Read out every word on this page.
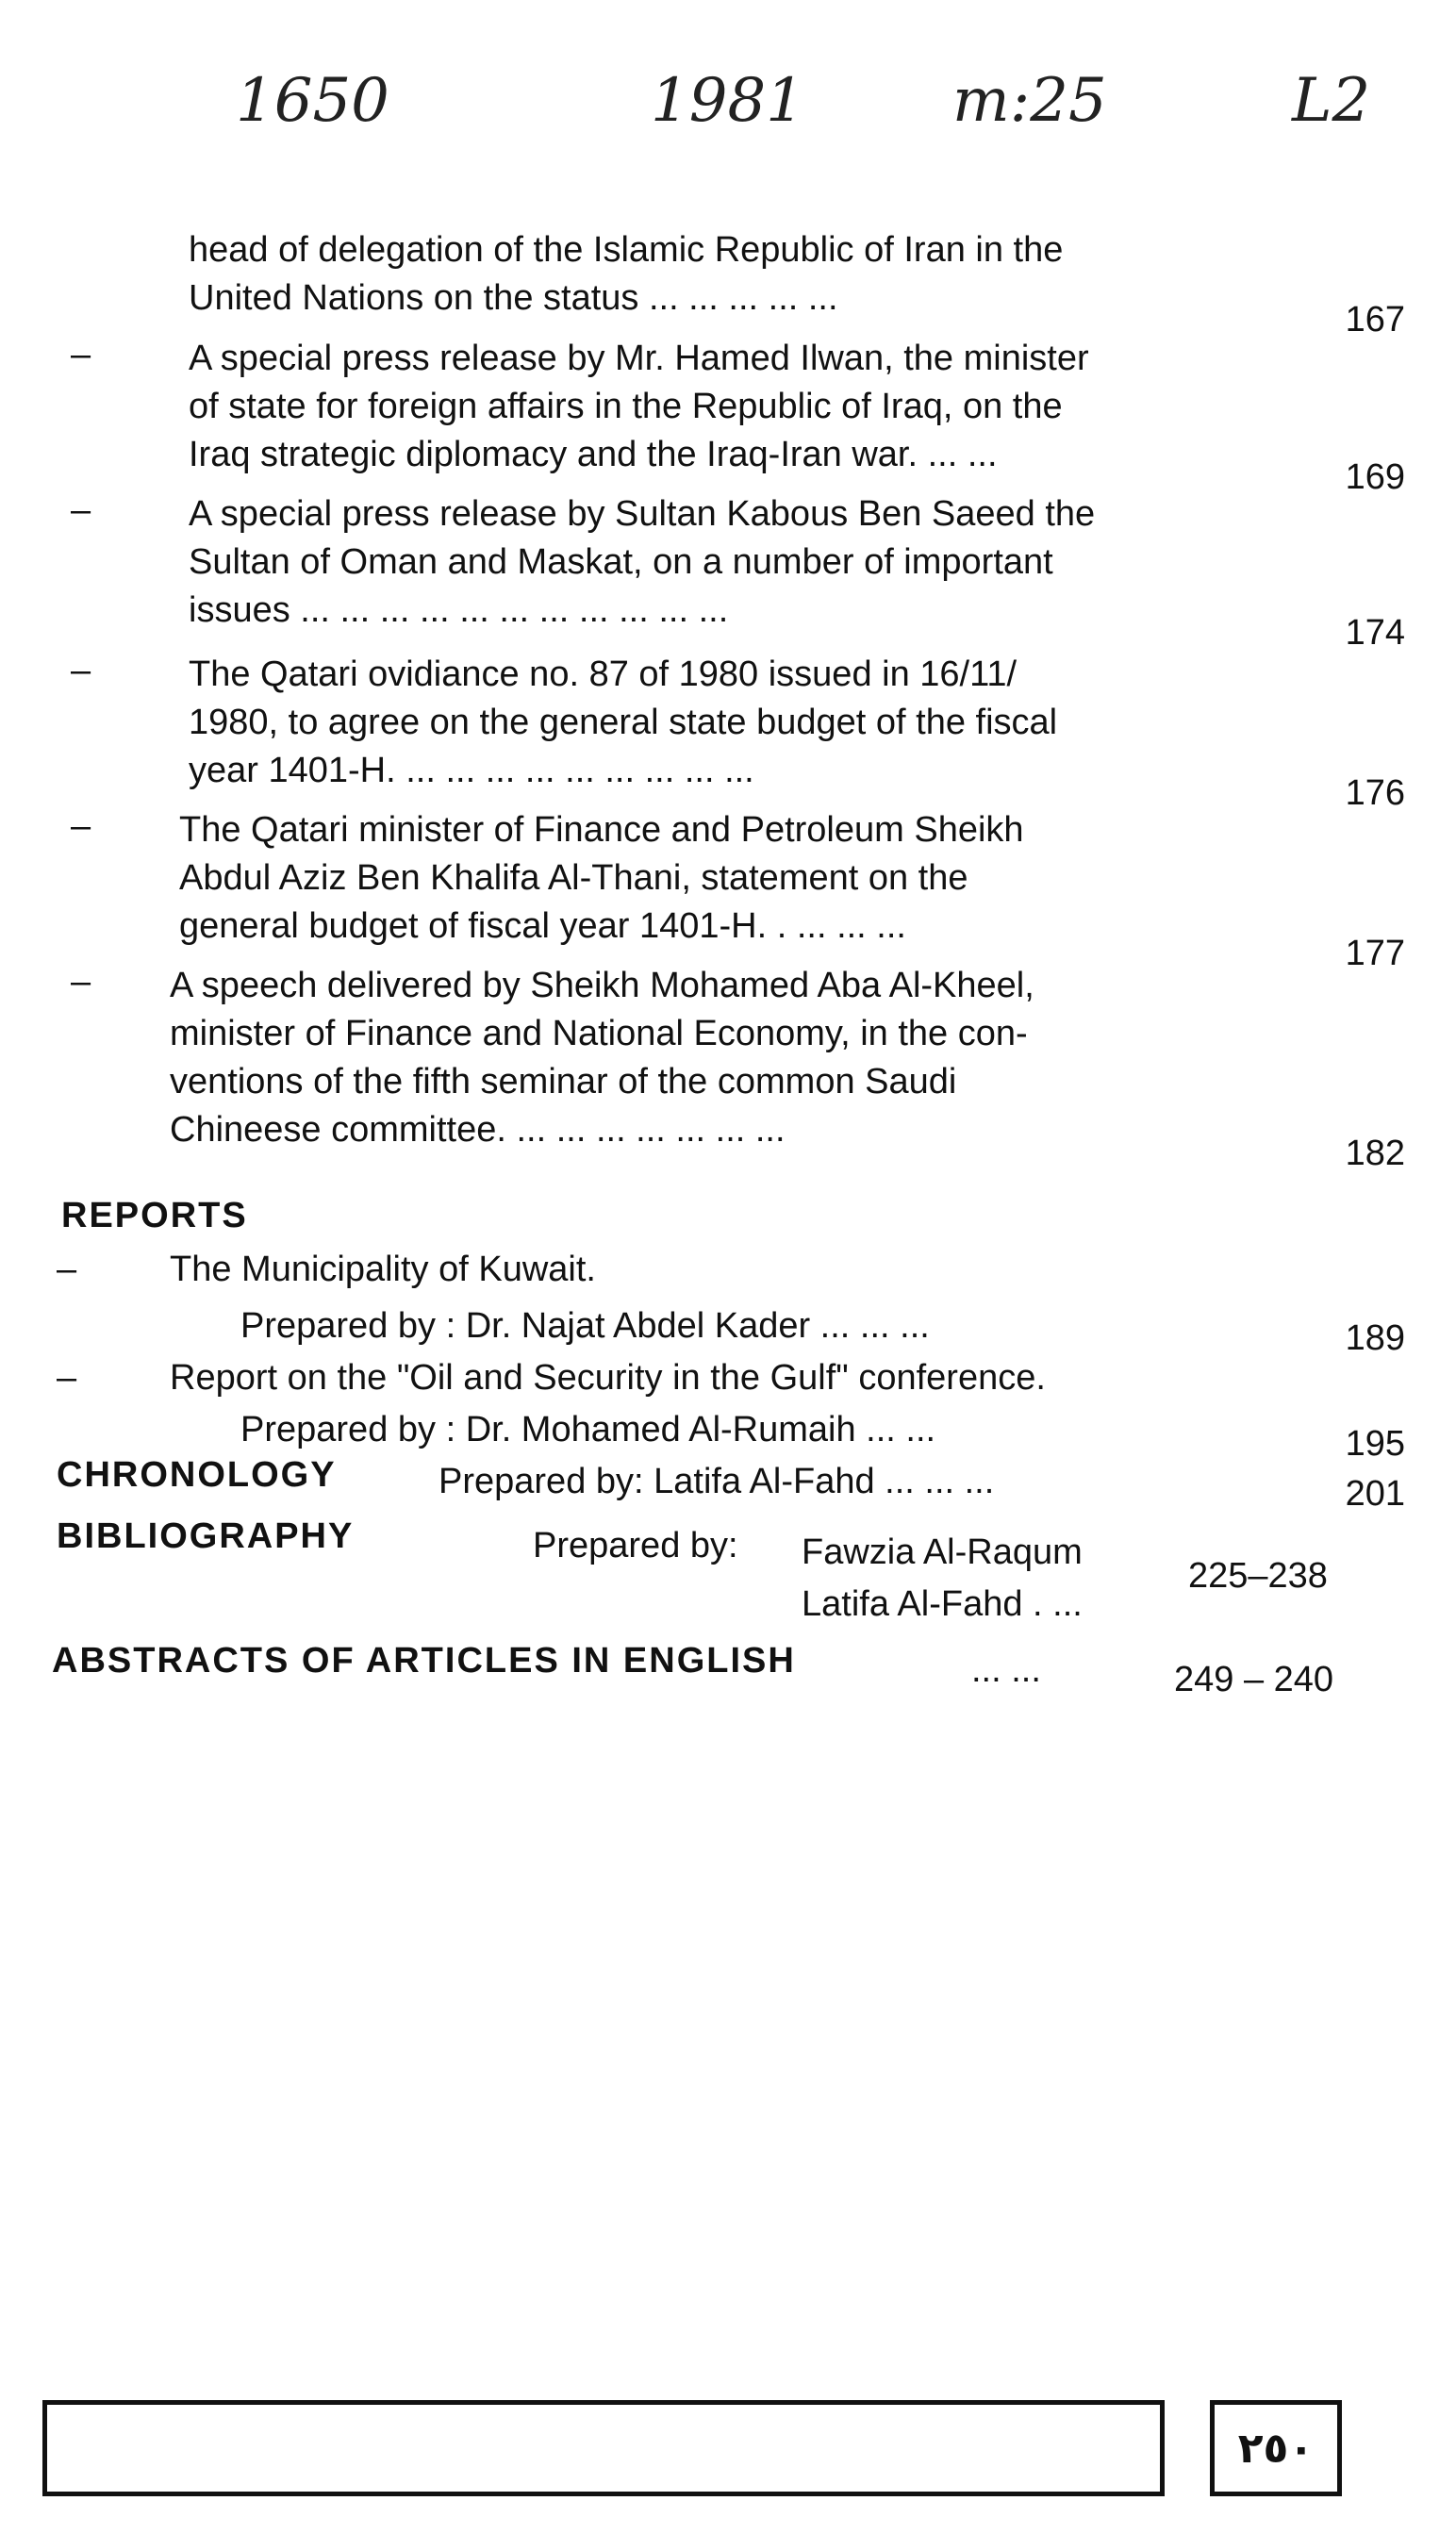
1650	1981 m:25	L2
head of delegation of the Islamic Republic of Iran in the
United Nations on the status ... ... ... ... ...
167
–	A special press release by Mr. Hamed Ilwan, the minister
of state for foreign affairs in the Republic of Iraq, on the
Iraq strategic diplomacy and the Iraq-Iran war. ... ...
169
–	A special press release by Sultan Kabous Ben Saeed the
Sultan of Oman and Maskat, on a number of important
issues ... ... ... ... ... ... ... ... ... ... ...
174
–	The Qatari ovidiance no. 87 of 1980 issued in 16/11/
1980, to agree on the general state budget of the fiscal
year 1401-H. ... ... ... ... ... ... ... ... ...
176
– The Qatari minister of Finance and Petroleum Sheikh
Abdul Aziz Ben Khalifa Al-Thani, statement on the
general budget of fiscal year 1401-H. . ... ... ...
177
– A speech delivered by Sheikh Mohamed Aba Al-Kheel,
minister of Finance and National Economy, in the con-
ventions of the fifth seminar of the common Saudi
Chineese committee. ... ... ... ... ... ... ...
182
REPORTS
–	The Municipality of Kuwait.
Prepared by : Dr. Najat Abdel Kader ... ... ...	189
–	Report on the "Oil and Security in the Gulf" conference.
Prepared by : Dr. Mohamed Al-Rumaih ... ...	195
CHRONOLOGY	Prepared by: Latifa Al-Fahd ... ... ...	201
BIBLIOGRAPHY	Prepared by: Fawzia Al-Raqum
Latifa Al-Fahd . ...
225–238
ABSTRACTS OF ARTICLES IN ENGLISH	... ...	249 – 240
٢٥٠
